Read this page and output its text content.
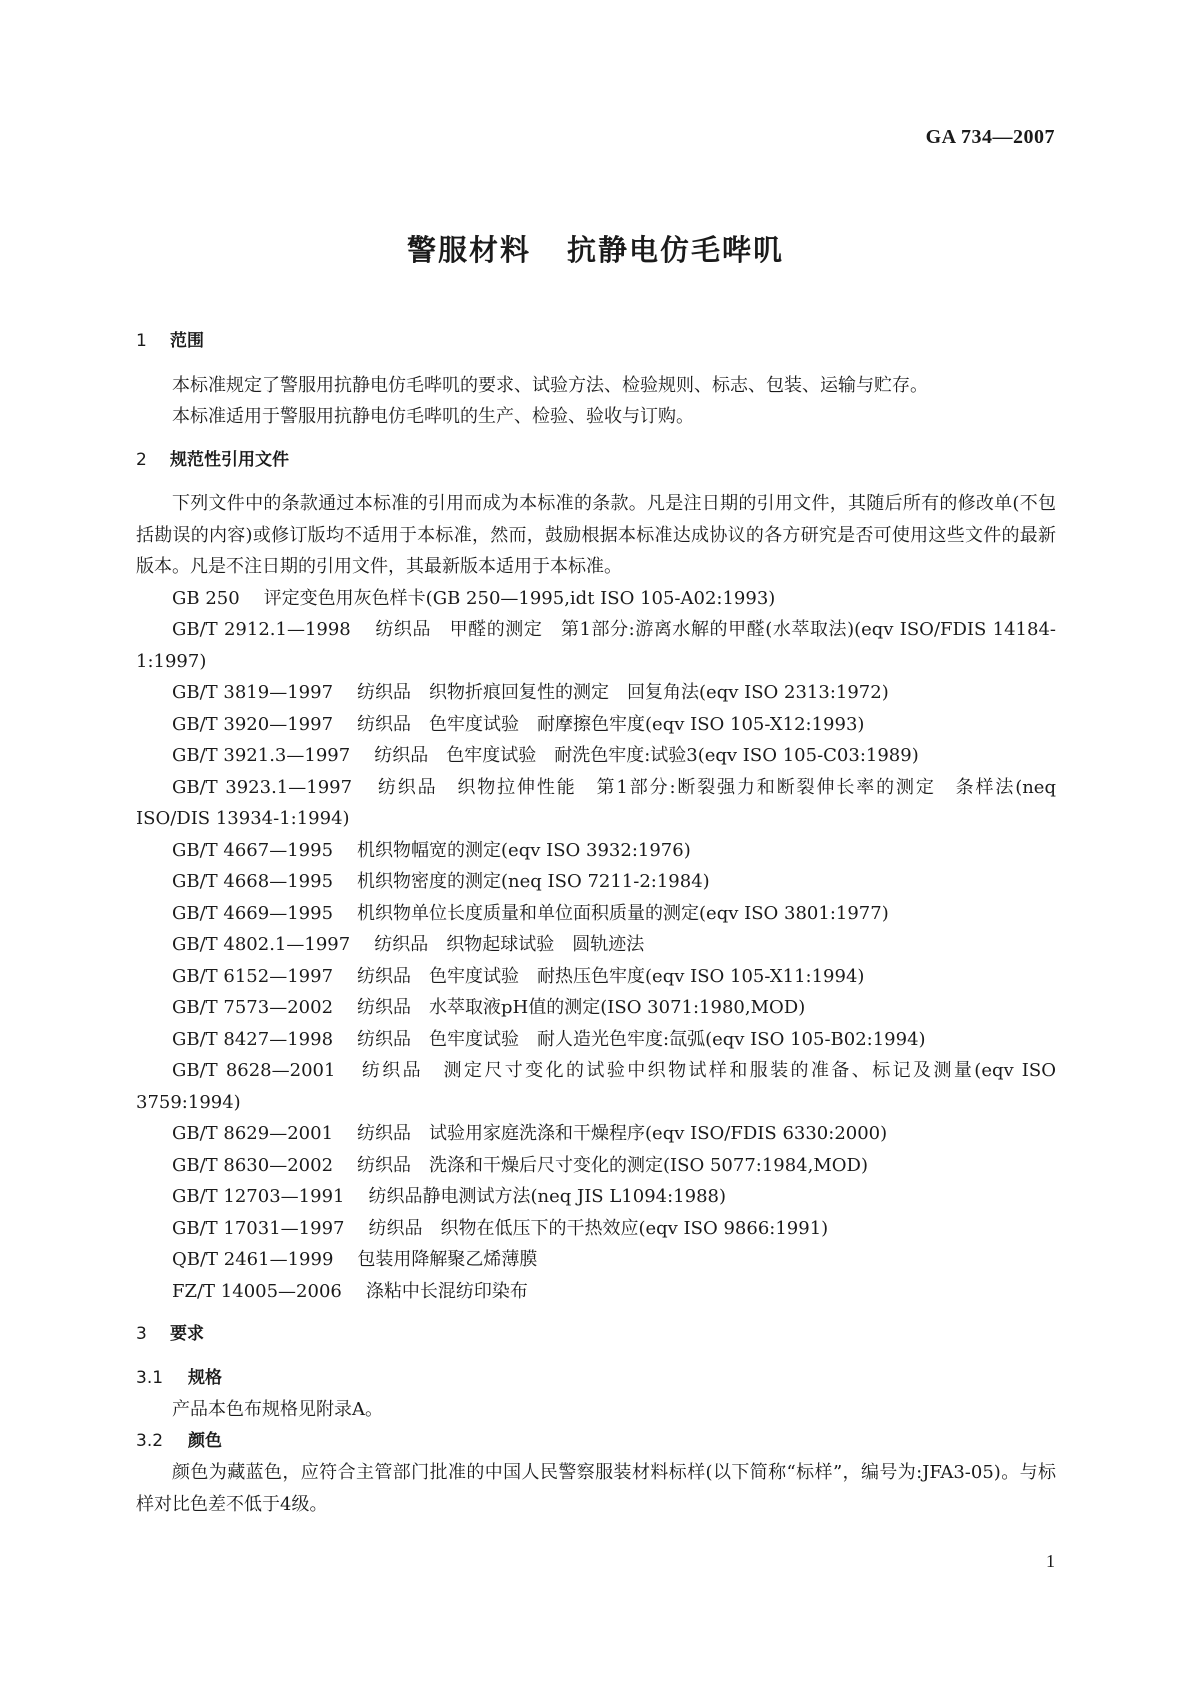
GA 734—2007
警服材料 抗静电仿毛哔叽
1 范围

本标准规定了警服用抗静电仿毛哔叽的要求、试验方法、检验规则、标志、包装、运输与贮存。

本标准适用于警服用抗静电仿毛哔叽的生产、检验、验收与订购。

2 规范性引用文件

下列文件中的条款通过本标准的引用而成为本标准的条款。凡是注日期的引用文件，其随后所有的修改单(不包括勘误的内容)或修订版均不适用于本标准，然而，鼓励根据本标准达成协议的各方研究是否可使用这些文件的最新版本。凡是不注日期的引用文件，其最新版本适用于本标准。

GB 250 评定变色用灰色样卡(GB 250—1995,idt ISO 105-A02:1993)
GB/T 2912.1—1998 纺织品　甲醛的测定　第1部分:游离水解的甲醛(水萃取法)(eqv ISO/FDIS 14184-1:1997)
GB/T 3819—1997 纺织品　织物折痕回复性的测定　回复角法(eqv ISO 2313:1972)
GB/T 3920—1997 纺织品　色牢度试验　耐摩擦色牢度(eqv ISO 105-X12:1993)
GB/T 3921.3—1997 纺织品　色牢度试验　耐洗色牢度:试验3(eqv ISO 105-C03:1989)
GB/T 3923.1—1997 纺织品　织物拉伸性能　第1部分:断裂强力和断裂伸长率的测定　条样法(neq ISO/DIS 13934-1:1994)
GB/T 4667—1995 机织物幅宽的测定(eqv ISO 3932:1976)
GB/T 4668—1995 机织物密度的测定(neq ISO 7211-2:1984)
GB/T 4669—1995 机织物单位长度质量和单位面积质量的测定(eqv ISO 3801:1977)
GB/T 4802.1—1997 纺织品　织物起球试验　圆轨迹法
GB/T 6152—1997 纺织品　色牢度试验　耐热压色牢度(eqv ISO 105-X11:1994)
GB/T 7573—2002 纺织品　水萃取液pH值的测定(ISO 3071:1980,MOD)
GB/T 8427—1998 纺织品　色牢度试验　耐人造光色牢度:氙弧(eqv ISO 105-B02:1994)
GB/T 8628—2001 纺织品　测定尺寸变化的试验中织物试样和服装的准备、标记及测量(eqv ISO 3759:1994)
GB/T 8629—2001 纺织品　试验用家庭洗涤和干燥程序(eqv ISO/FDIS 6330:2000)
GB/T 8630—2002 纺织品　洗涤和干燥后尺寸变化的测定(ISO 5077:1984,MOD)
GB/T 12703—1991 纺织品静电测试方法(neq JIS L1094:1988)
GB/T 17031—1997 纺织品　织物在低压下的干热效应(eqv ISO 9866:1991)
QB/T 2461—1999 包装用降解聚乙烯薄膜
FZ/T 14005—2006 涤粘中长混纺印染布
3 要求
3.1 规格

产品本色布规格见附录A。

3.2 颜色

颜色为藏蓝色，应符合主管部门批准的中国人民警察服装材料标样(以下简称“标样”，编号为:JFA3-05)。与标样对比色差不低于4级。

1
